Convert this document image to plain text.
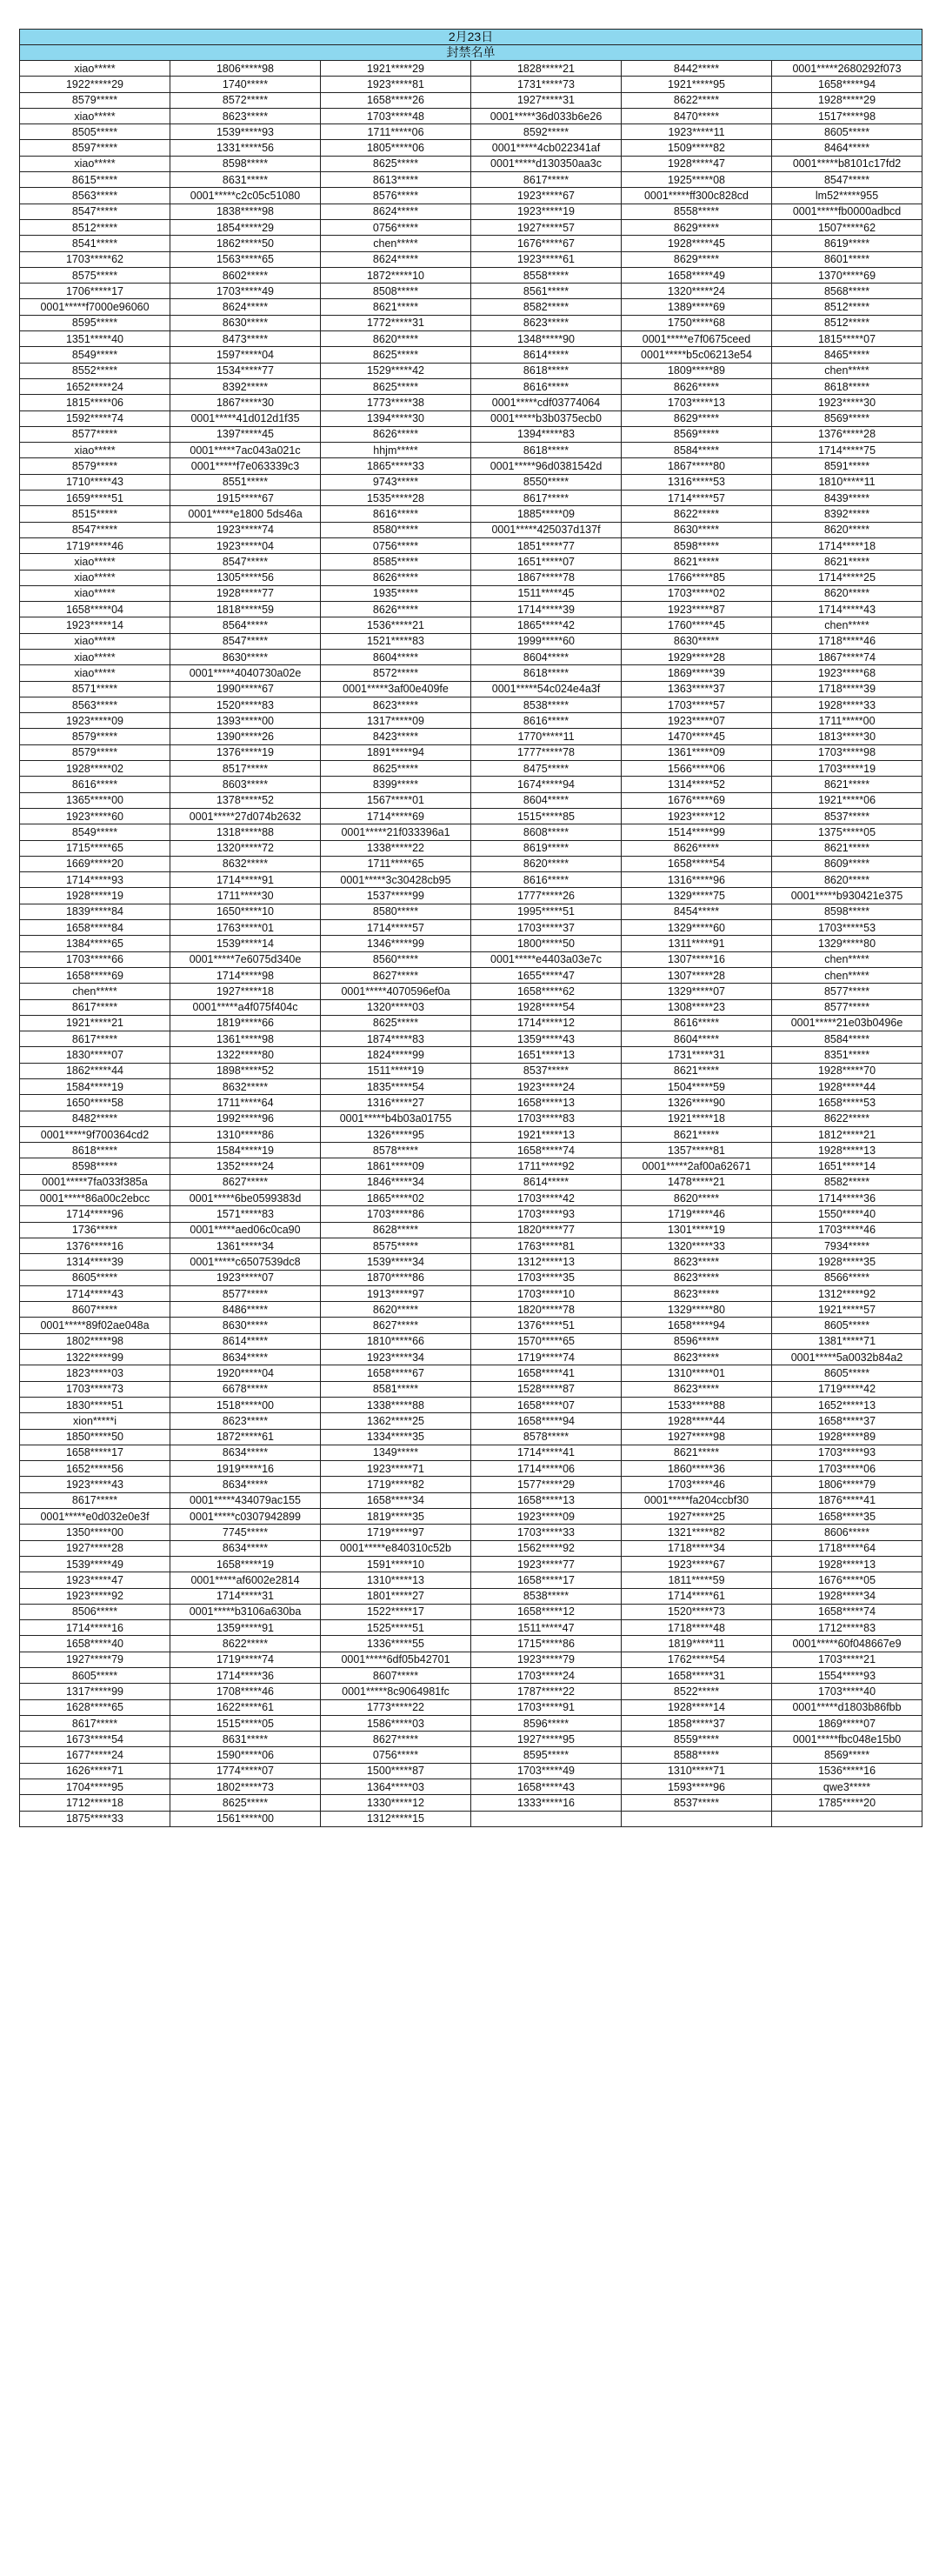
2月23日					
封禁名单					
xiao*****	1806*****98	1921*****29	1828*****21	8442*****	0001*****2680292f073
1922*****29	1740*****	1923*****81	1731*****73	1921*****95	1658*****94
8579*****	8572*****	1658*****26	1927*****31	8622*****	1928*****29
xiao*****	8623*****	1703*****48	0001*****36d033b6e26	8470*****	1517*****98
8505*****	1539*****93	1711*****06	8592*****	1923*****11	8605*****
8597*****	1331*****56	1805*****06	0001*****4cb022341af	1509*****82	8464*****
xiao*****	8598*****	8625*****	0001*****d130350aa3c	1928*****47	0001*****b8101c17fd2
8615*****	8631*****	8613*****	8617*****	1925*****08	8547*****
8563*****	0001*****c2c05c51080	8576*****	1923*****67	0001*****ff300c828cd	lm52*****955
8547*****	1838*****98	8624*****	1923*****19	8558*****	0001*****fb0000adbcd
8512*****	1854*****29	0756*****	1927*****57	8629*****	1507*****62
8541*****	1862*****50	chen*****	1676*****67	1928*****45	8619*****
1703*****62	1563*****65	8624*****	1923*****61	8629*****	8601*****
8575*****	8602*****	1872*****10	8558*****	1658*****49	1370*****69
1706*****17	1703*****49	8508*****	8561*****	1320*****24	8568*****
0001*****f7000e96060	8624*****	8621*****	8582*****	1389*****69	8512*****
8595*****	8630*****	1772*****31	8623*****	1750*****68	8512*****
1351*****40	8473*****	8620*****	1348*****90	0001*****e7f0675ceed	1815*****07
8549*****	1597*****04	8625*****	8614*****	0001*****b5c06213e54	8465*****
8552*****	1534*****77	1529*****42	8618*****	1809*****89	chen*****
1652*****24	8392*****	8625*****	8616*****	8626*****	8618*****
1815*****06	1867*****30	1773*****38	0001*****cdf03774064	1703*****13	1923*****30
1592*****74	0001*****41d012d1f35	1394*****30	0001*****b3b0375ecb0	8629*****	8569*****
8577*****	1397*****45	8626*****	1394*****83	8569*****	1376*****28
xiao*****	0001*****7ac043a021c	hhjm*****	8618*****	8584*****	1714*****75
8579*****	0001*****f7e063339c3	1865*****33	0001*****96d0381542d	1867*****80	8591*****
1710*****43	8551*****	9743*****	8550*****	1316*****53	1810*****11
1659*****51	1915*****67	1535*****28	8617*****	1714*****57	8439*****
8515*****	0001*****e1800 5ds46a	8616*****	1885*****09	8622*****	8392*****
8547*****	1923*****74	8580*****	0001*****425037d137f	8630*****	8620*****
1719*****46	1923*****04	0756*****	1851*****77	8598*****	1714*****18
xiao*****	8547*****	8585*****	1651*****07	8621*****	8621*****
xiao*****	1305*****56	8626*****	1867*****78	1766*****85	1714*****25
xiao*****	1928*****77	1935*****	1511*****45	1703*****02	8620*****
1658*****04	1818*****59	8626*****	1714*****39	1923*****87	1714*****43
1923*****14	8564*****	1536*****21	1865*****42	1760*****45	chen*****
xiao*****	8547*****	1521*****83	1999*****60	8630*****	1718*****46
xiao*****	8630*****	8604*****	8604*****	1929*****28	1867*****74
xiao*****	0001*****4040730a02e	8572*****	8618*****	1869*****39	1923*****68
8571*****	1990*****67	0001*****3af00e409fe	0001*****54c024e4a3f	1363*****37	1718*****39
8563*****	1520*****83	8623*****	8538*****	1703*****57	1928*****33
1923*****09	1393*****00	1317*****09	8616*****	1923*****07	1711*****00
8579*****	1390*****26	8423*****	1770*****11	1470*****45	1813*****30
8579*****	1376*****19	1891*****94	1777*****78	1361*****09	1703*****98
1928*****02	8517*****	8625*****	8475*****	1566*****06	1703*****19
8616*****	8603*****	8399*****	1674*****94	1314*****52	8621*****
1365*****00	1378*****52	1567*****01	8604*****	1676*****69	1921*****06
1923*****60	0001*****27d074b2632	1714*****69	1515*****85	1923*****12	8537*****
8549*****	1318*****88	0001*****21f033396a1	8608*****	1514*****99	1375*****05
1715*****65	1320*****72	1338*****22	8619*****	8626*****	8621*****
1669*****20	8632*****	1711*****65	8620*****	1658*****54	8609*****
1714*****93	1714*****91	0001*****3c30428cb95	8616*****	1316*****96	8620*****
1928*****19	1711*****30	1537*****99	1777*****26	1329*****75	0001*****b930421e375
1839*****84	1650*****10	8580*****	1995*****51	8454*****	8598*****
1658*****84	1763*****01	1714*****57	1703*****37	1329*****60	1703*****53
1384*****65	1539*****14	1346*****99	1800*****50	1311*****91	1329*****80
1703*****66	0001*****7e6075d340e	8560*****	0001*****e4403a03e7c	1307*****16	chen*****
1658*****69	1714*****98	8627*****	1655*****47	1307*****28	chen*****
chen*****	1927*****18	0001*****4070596ef0a	1658*****62	1329*****07	8577*****
8617*****	0001*****a4f075f404c	1320*****03	1928*****54	1308*****23	8577*****
1921*****21	1819*****66	8625*****	1714*****12	8616*****	0001*****21e03b0496e
8617*****	1361*****98	1874*****83	1359*****43	8604*****	8584*****
1830*****07	1322*****80	1824*****99	1651*****13	1731*****31	8351*****
1862*****44	1898*****52	1511*****19	8537*****	8621*****	1928*****70
1584*****19	8632*****	1835*****54	1923*****24	1504*****59	1928*****44
1650*****58	1711*****64	1316*****27	1658*****13	1326*****90	1658*****53
8482*****	1992*****96	0001*****b4b03a01755	1703*****83	1921*****18	8622*****
0001*****9f700364cd2	1310*****86	1326*****95	1921*****13	8621*****	1812*****21
8618*****	1584*****19	8578*****	1658*****74	1357*****81	1928*****13
8598*****	1352*****24	1861*****09	1711*****92	0001*****2af00a62671	1651*****14
0001*****7fa033f385a	8627*****	1846*****34	8614*****	1478*****21	8582*****
0001*****86a00c2ebcc	0001*****6be0599383d	1865*****02	1703*****42	8620*****	1714*****36
1714*****96	1571*****83	1703*****86	1703*****93	1719*****46	1550*****40
1736*****	0001*****aed06c0ca90	8628*****	1820*****77	1301*****19	1703*****46
1376*****16	1361*****34	8575*****	1763*****81	1320*****33	7934*****
1314*****39	0001*****c6507539dc8	1539*****34	1312*****13	8623*****	1928*****35
8605*****	1923*****07	1870*****86	1703*****35	8623*****	8566*****
1714*****43	8577*****	1913*****97	1703*****10	8623*****	1312*****92
8607*****	8486*****	8620*****	1820*****78	1329*****80	1921*****57
0001*****89f02ae048a	8630*****	8627*****	1376*****51	1658*****94	8605*****
1802*****98	8614*****	1810*****66	1570*****65	8596*****	1381*****71
1322*****99	8634*****	1923*****34	1719*****74	8623*****	0001*****5a0032b84a2
1823*****03	1920*****04	1658*****67	1658*****41	1310*****01	8605*****
1703*****73	6678*****	8581*****	1528*****87	8623*****	1719*****42
1830*****51	1518*****00	1338*****88	1658*****07	1533*****88	1652*****13
xion*****i	8623*****	1362*****25	1658*****94	1928*****44	1658*****37
1850*****50	1872*****61	1334*****35	8578*****	1927*****98	1928*****89
1658*****17	8634*****	1349*****	1714*****41	8621*****	1703*****93
1652*****56	1919*****16	1923*****71	1714*****06	1860*****36	1703*****06
1923*****43	8634*****	1719*****82	1577*****29	1703*****46	1806*****79
8617*****	0001*****434079ac155	1658*****34	1658*****13	0001*****fa204ccbf30	1876*****41
0001*****e0d032e0e3f	0001*****c0307942899	1819*****35	1923*****09	1927*****25	1658*****35
1350*****00	7745*****	1719*****97	1703*****33	1321*****82	8606*****
1927*****28	8634*****	0001*****e840310c52b	1562*****92	1718*****34	1718*****64
1539*****49	1658*****19	1591*****10	1923*****77	1923*****67	1928*****13
1923*****47	0001*****af6002e2814	1310*****13	1658*****17	1811*****59	1676*****05
1923*****92	1714*****31	1801*****27	8538*****	1714*****61	1928*****34
8506*****	0001*****b3106a630ba	1522*****17	1658*****12	1520*****73	1658*****74
1714*****16	1359*****91	1525*****51	1511*****47	1718*****48	1712*****83
1658*****40	8622*****	1336*****55	1715*****86	1819*****11	0001*****60f048667e9
1927*****79	1719*****74	0001*****6df05b42701	1923*****79	1762*****54	1703*****21
8605*****	1714*****36	8607*****	1703*****24	1658*****31	1554*****93
1317*****99	1708*****46	0001*****8c9064981fc	1787*****22	8522*****	1703*****40
1628*****65	1622*****61	1773*****22	1703*****91	1928*****14	0001*****d1803b86fbb
8617*****	1515*****05	1586*****03	8596*****	1858*****37	1869*****07
1673*****54	8631*****	8627*****	1927*****95	8559*****	0001*****fbc048e15b0
1677*****24	1590*****06	0756*****	8595*****	8588*****	8569*****
1626*****71	1774*****07	1500*****87	1703*****49	1310*****71	1536*****16
1704*****95	1802*****73	1364*****03	1658*****43	1593*****96	qwe3*****
1712*****18	8625*****	1330*****12	1333*****16	8537*****	1785*****20
1875*****33	1561*****00	1312*****15			
